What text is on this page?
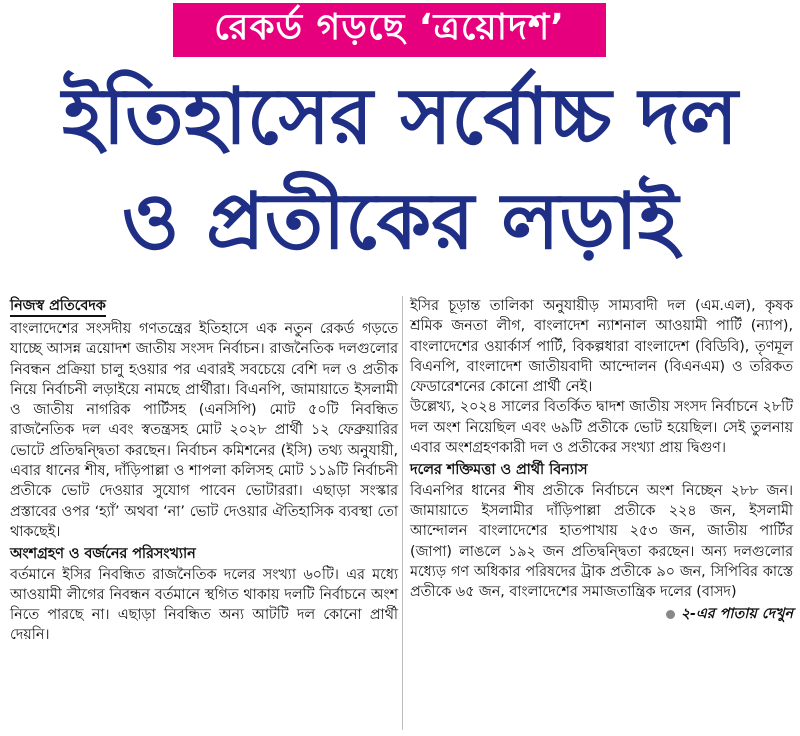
রেকর্ড গড়ছে ‘ত্রয়োদশ’
ইতিহাসের সর্বোচ্চ দল
ও প্রতীকের লড়াই
নিজস্ব প্রতিবেদক

বাংলাদেশের সংসদীয় গণতন্ত্রের ইতিহাসে এক নতুন রেকর্ড গড়তে যাচ্ছে আসন্ন ত্রয়োদশ জাতীয় সংসদ নির্বাচন। রাজনৈতিক দলগুলোর নিবন্ধন প্রক্রিয়া চালু হওয়ার পর এবারই সবচেয়ে বেশি দল ও প্রতীক নিয়ে নির্বাচনী লড়াইয়ে নামছে প্রার্থীরা। বিএনপি, জামায়াতে ইসলামী ও জাতীয় নাগরিক পার্টিসহ (এনসিপি) মোট ৫০টি নিবন্ধিত রাজনৈতিক দল এবং স্বতন্ত্রসহ মোট ২০২৮ প্রার্থী ১২ ফেব্রুয়ারির ভোটে প্রতিদ্বন্দ্বিতা করছেন। নির্বাচন কমিশনের (ইসি) তথ্য অনুযায়ী, এবার ধানের শীষ, দাঁড়িপাল্লা ও শাপলা কলিসহ মোট ১১৯টি নির্বাচনী প্রতীকে ভোট দেওয়ার সুযোগ পাবেন ভোটাররা। এছাড়া সংস্কার প্রস্তাবের ওপর ‘হ্যাঁ’ অথবা ‘না’ ভোট দেওয়ার ঐতিহাসিক ব্যবস্থা তো থাকছেই।

অংশগ্রহণ ও বর্জনের পরিসংখ্যান

বর্তমানে ইসির নিবন্ধিত রাজনৈতিক দলের সংখ্যা ৬০টি। এর মধ্যে আওয়ামী লীগের নিবন্ধন বর্তমানে স্থগিত থাকায় দলটি নির্বাচনে অংশ নিতে পারছে না। এছাড়া নিবন্ধিত অন্য আটটি দল কোনো প্রার্থী দেয়নি।

ইসির চূড়ান্ত তালিকা অনুযায়ীড় সাম্যবাদী দল (এম.এল), কৃষক শ্রমিক জনতা লীগ, বাংলাদেশ ন্যাশনাল আওয়ামী পার্টি (ন্যাপ), বাংলাদেশের ওয়ার্কার্স পার্টি, বিকল্পধারা বাংলাদেশ (বিডিবি), তৃণমূল বিএনপি, বাংলাদেশ জাতীয়বাদী আন্দোলন (বিএনএম) ও তরিকত ফেডারেশনের কোনো প্রার্থী নেই।

উল্লেখ্য, ২০২৪ সালের বিতর্কিত দ্বাদশ জাতীয় সংসদ নির্বাচনে ২৮টি দল অংশ নিয়েছিল এবং ৬৯টি প্রতীকে ভোট হয়েছিল। সেই তুলনায় এবার অংশগ্রহণকারী দল ও প্রতীকের সংখ্যা প্রায় দ্বিগুণ।

দলের শক্তিমত্তা ও প্রার্থী বিন্যাস

বিএনপির ধানের শীষ প্রতীকে নির্বাচনে অংশ নিচ্ছেন ২৮৮ জন। জামায়াতে ইসলামীর দাঁড়িপাল্লা প্রতীকে ২২৪ জন, ইসলামী আন্দোলন বাংলাদেশের হাতপাখায় ২৫৩ জন, জাতীয় পার্টির (জাপা) লাঙলে ১৯২ জন প্রতিদ্বন্দ্বিতা করছেন। অন্য দলগুলোর মধ্যেড় গণ অধিকার পরিষদের ট্রাক প্রতীকে ৯০ জন, সিপিবির কাস্তে প্রতীকে ৬৫ জন, বাংলাদেশের সমাজতান্ত্রিক দলের (বাসদ)

২-এর পাতায় দেখুন
